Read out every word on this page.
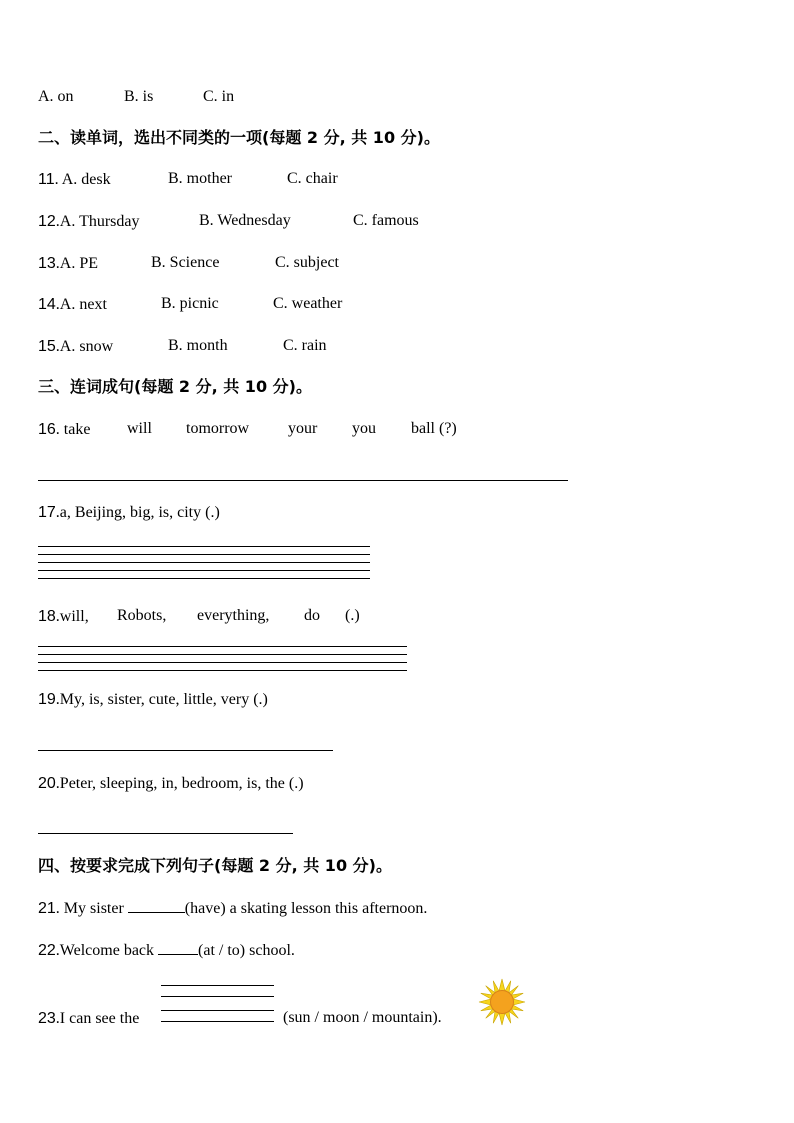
A. on	B. is	C. in
二、读单词，选出不同类的一项(每题 2 分, 共 10 分)。
11. A. desk	B. mother	C. chair
12.A. Thursday	B. Wednesday	C. famous
13.A. PE	B. Science	C. subject
14.A. next	B. picnic	C. weather
15.A. snow	B. month	C. rain
三、连词成句(每题 2 分, 共 10 分)。
16. take will tomorrow your you ball (?)
17.a, Beijing, big, is, city (.)
18.will, Robots, everything, do (.)
19.My, is, sister, cute, little, very (.)
20.Peter, sleeping, in, bedroom, is, the (.)
四、按要求完成下列句子(每题 2 分, 共 10 分)。
21. My sister	(have) a skating lesson this afternoon.
22.Welcome back	(at / to) school.
23.I can see the	(sun / moon / mountain).
